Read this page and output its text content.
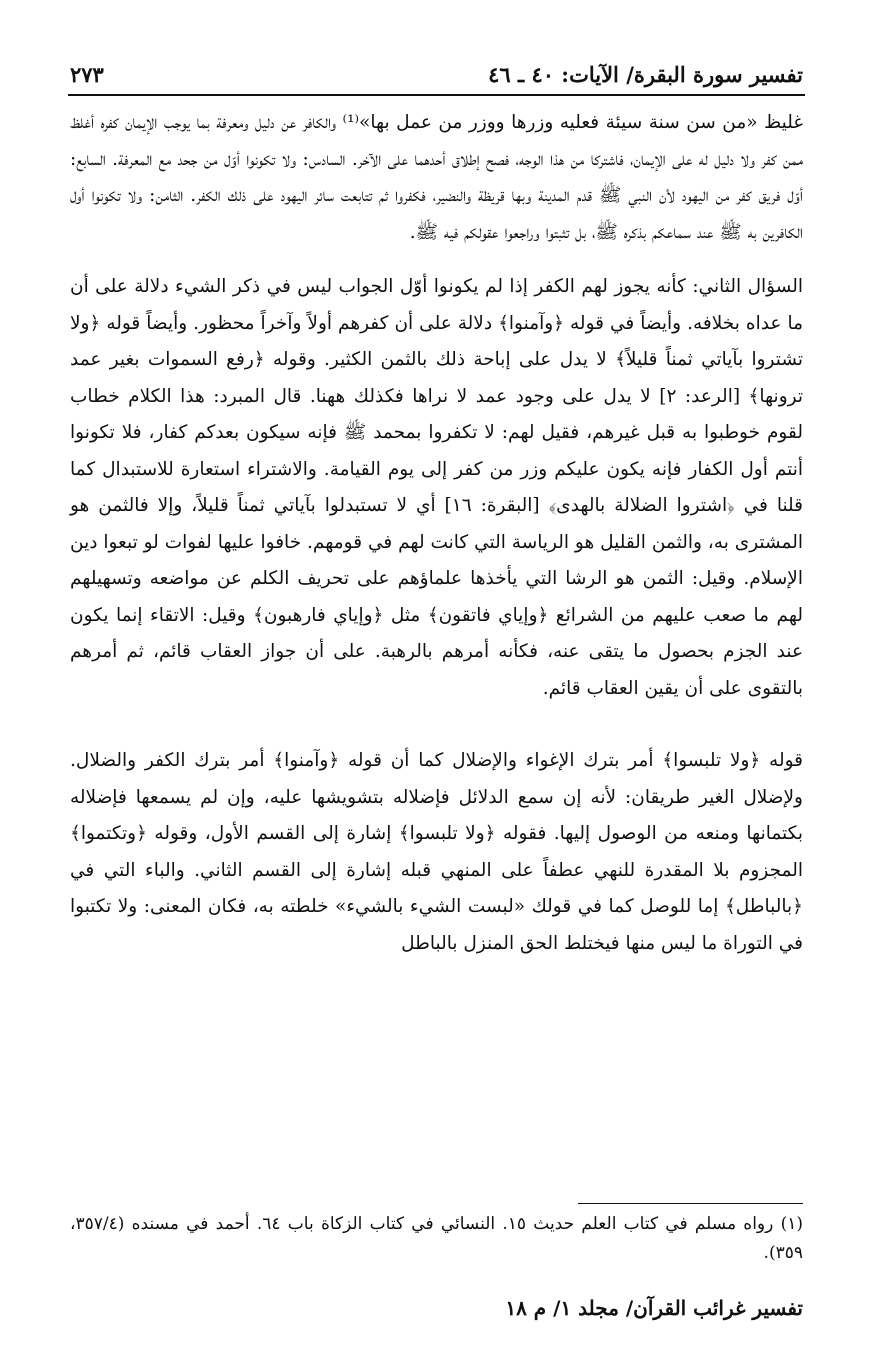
تفسير سورة البقرة/ الآيات: ٤٠ ـ ٤٦
٢٧٣

غليظ «من سن سنة سيئة فعليه وزرها ووزر من عمل بها»⁽¹⁾ والكافر عن دليل ومعرفة بما يوجب الإيمان كفره أغلظ ممن كفر ولا دليل له على الإيمان، فاشتركا من هذا الوجه، فصح إطلاق أحدهما على الآخر. السادس: ولا تكونوا أوّل من جحد مع المعرفة. السابع: أوّل فريق كفر من اليهود لأن النبي ﷺ قدم المدينة وبها قريظة والنضير، فكفروا ثم تتابعت سائر اليهود على ذلك الكفر. الثامن: ولا تكونوا أول الكافرين به ﷺ عند سماعكم بذكره ﷺ، بل تثبتوا وراجعوا عقولكم فيه ﷺ.

السؤال الثاني: كأنه يجوز لهم الكفر إذا لم يكونوا أوّل الجواب ليس في ذكر الشيء دلالة على أن ما عداه بخلافه. وأيضاً في قوله ﴿وآمنوا﴾ دلالة على أن كفرهم أولاً وآخراً محظور. وأيضاً قوله ﴿ولا تشتروا بآياتي ثمناً قليلاً﴾ لا يدل على إباحة ذلك بالثمن الكثير. وقوله ﴿رفع السموات بغير عمد ترونها﴾ [الرعد: ٢] لا يدل على وجود عمد لا نراها فكذلك ههنا. قال المبرد: هذا الكلام خطاب لقوم خوطبوا به قبل غيرهم، فقيل لهم: لا تكفروا بمحمد ﷺ فإنه سيكون بعدكم كفار، فلا تكونوا أنتم أول الكفار فإنه يكون عليكم وزر من كفر إلى يوم القيامة. والاشتراء استعارة للاستبدال كما قلنا في ﴿اشتروا الضلالة بالهدى﴾ [البقرة: ١٦] أي لا تستبدلوا بآياتي ثمناً قليلاً، وإلا فالثمن هو المشترى به، والثمن القليل هو الرياسة التي كانت لهم في قومهم. خافوا عليها لفوات لو تبعوا دين الإسلام. وقيل: الثمن هو الرشا التي يأخذها علماؤهم على تحريف الكلم عن مواضعه وتسهيلهم لهم ما صعب عليهم من الشرائع ﴿وإياي فاتقون﴾ مثل ﴿وإياي فارهبون﴾ وقيل: الاتقاء إنما يكون عند الجزم بحصول ما يتقى عنه، فكأنه أمرهم بالرهبة. على أن جواز العقاب قائم، ثم أمرهم بالتقوى على أن يقين العقاب قائم.

قوله ﴿ولا تلبسوا﴾ أمر بترك الإغواء والإضلال كما أن قوله ﴿وآمنوا﴾ أمر بترك الكفر والضلال. ولإضلال الغير طريقان: لأنه إن سمع الدلائل فإضلاله بتشويشها عليه، وإن لم يسمعها فإضلاله بكتمانها ومنعه من الوصول إليها. فقوله ﴿ولا تلبسوا﴾ إشارة إلى القسم الأول، وقوله ﴿وتكتموا﴾ المجزوم بلا المقدرة للنهي عطفاً على المنهي قبله إشارة إلى القسم الثاني. والباء التي في ﴿بالباطل﴾ إما للوصل كما في قولك «لبست الشيء بالشيء» خلطته به، فكان المعنى: ولا تكتبوا في التوراة ما ليس منها فيختلط الحق المنزل بالباطل

(١) رواه مسلم في كتاب العلم حديث ١٥. النسائي في كتاب الزكاة باب ٦٤. أحمد في مسنده (٣٥٧/٤، ٣٥٩).
تفسير غرائب القرآن/ مجلد ١/ م ١٨
